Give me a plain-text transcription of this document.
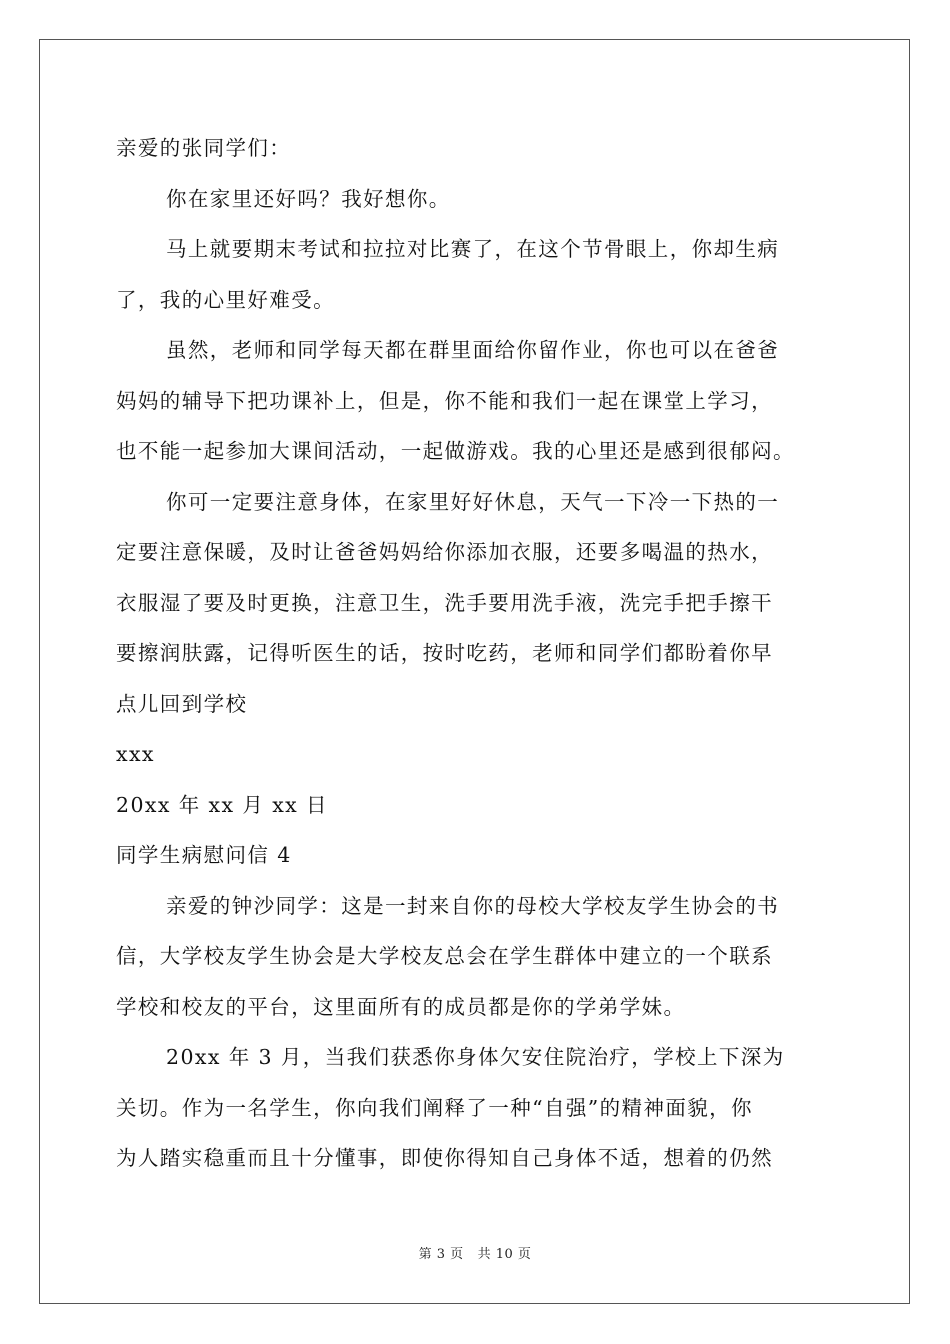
亲爱的张同学们：
你在家里还好吗？我好想你。
马上就要期末考试和拉拉对比赛了，在这个节骨眼上，你却生病
了，我的心里好难受。
虽然，老师和同学每天都在群里面给你留作业，你也可以在爸爸
妈妈的辅导下把功课补上，但是，你不能和我们一起在课堂上学习，
也不能一起参加大课间活动，一起做游戏。我的心里还是感到很郁闷。
你可一定要注意身体，在家里好好休息，天气一下冷一下热的一
定要注意保暖，及时让爸爸妈妈给你添加衣服，还要多喝温的热水，
衣服湿了要及时更换，注意卫生，洗手要用洗手液，洗完手把手擦干
要擦润肤露，记得听医生的话，按时吃药，老师和同学们都盼着你早
点儿回到学校
xxx
20xx 年 xx 月 xx 日
同学生病慰问信 4
亲爱的钟沙同学：这是一封来自你的母校大学校友学生协会的书
信，大学校友学生协会是大学校友总会在学生群体中建立的一个联系
学校和校友的平台，这里面所有的成员都是你的学弟学妹。
20xx 年 3 月，当我们获悉你身体欠安住院治疗，学校上下深为
关切。作为一名学生，你向我们阐释了一种“自强”的精神面貌，你
为人踏实稳重而且十分懂事，即使你得知自己身体不适，想着的仍然
第 3 页 共 10 页
